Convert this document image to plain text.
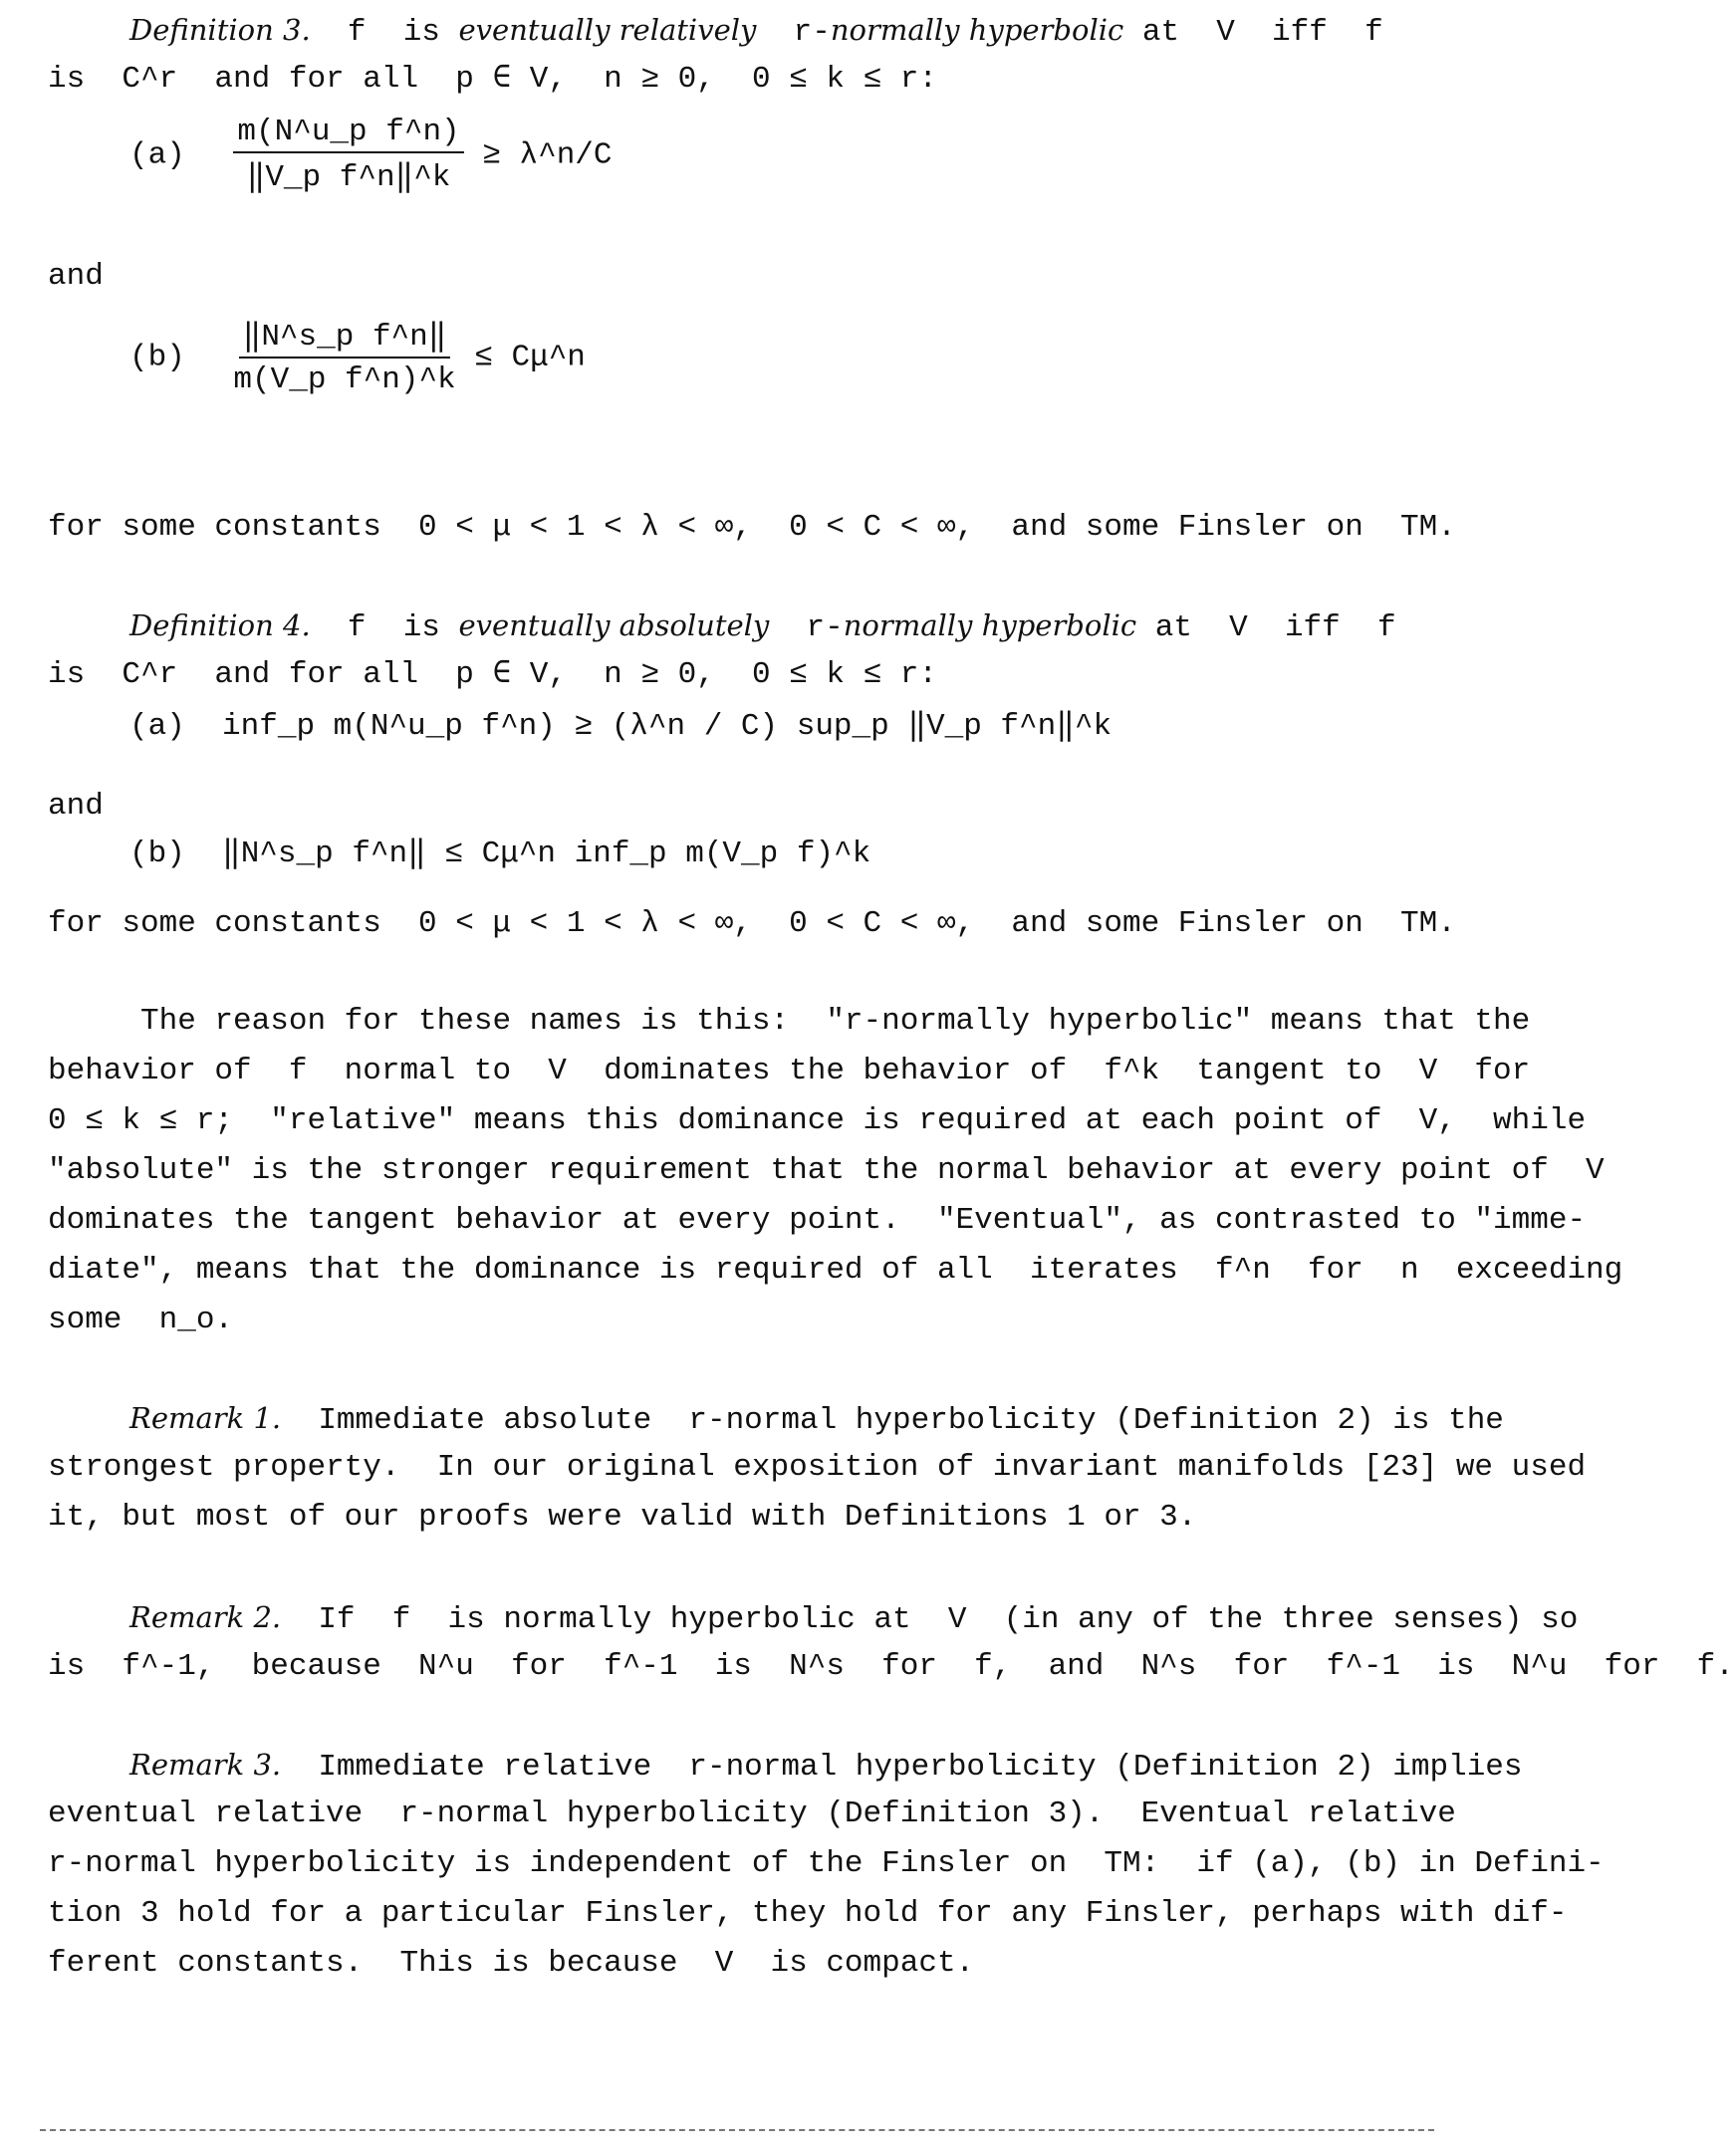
Definition 3. f  is eventually relatively  r-normally hyperbolic at  V  iff  f
is  C^r  and for all  p ∈ V,  n ≥ 0,  0 ≤ k ≤ r:
$(a) \frac{\text{m(N\textasciicircum{}u\_p f\textasciicircum{}n)}}{\text{‖V\_p f\textasciicircum{}n‖\textasciicircum{}k}}$ ≥ λ^n/C
and
$(b) \frac{\text{‖N\textasciicircum{}s\_p f\textasciicircum{}n‖}}{\text{m(V\_p f\textasciicircum{}n)\textasciicircum{}k}}$ ≤ Cμ^n
for some constants  0 < μ < 1 < λ < ∞,  0 < C < ∞,  and some Finsler on  TM.
Definition 4. f  is eventually absolutely  r-normally hyperbolic at  V  iff  f
is  C^r  and for all  p ∈ V,  n ≥ 0,  0 ≤ k ≤ r:
(a) inf_p m(N^u_p f^n) ≥ (λ^n / C) sup_p ‖V_p f^n‖^k
and
(b) ‖N^s_p f^n‖ ≤ Cμ^n inf_p m(V_p f)^k
for some constants  0 < μ < 1 < λ < ∞,  0 < C < ∞,  and some Finsler on  TM.
The reason for these names is this:  "r-normally hyperbolic" means that the
behavior of  f  normal to  V  dominates the behavior of  f^k  tangent to  V  for
0 ≤ k ≤ r;  "relative" means this dominance is required at each point of  V,  while
"absolute" is the stronger requirement that the normal behavior at every point of  V
dominates the tangent behavior at every point.  "Eventual", as contrasted to "imme-
diate", means that the dominance is required of all  iterates  f^n  for  n  exceeding
some  n_o.
Remark 1.  Immediate absolute  r-normal hyperbolicity (Definition 2) is the
strongest property.  In our original exposition of invariant manifolds [23] we used
it, but most of our proofs were valid with Definitions 1 or 3.
Remark 2.  If  f  is normally hyperbolic at  V  (in any of the three senses) so
is  f^-1,  because  N^u  for  f^-1  is  N^s  for  f,  and  N^s  for  f^-1  is  N^u  for  f.
Remark 3.  Immediate relative  r-normal hyperbolicity (Definition 2) implies
eventual relative  r-normal hyperbolicity (Definition 3).  Eventual relative
r-normal hyperbolicity is independent of the Finsler on  TM:  if (a), (b) in Defini-
tion 3 hold for a particular Finsler, they hold for any Finsler, perhaps with dif-
ferent constants.  This is because  V  is compact.
